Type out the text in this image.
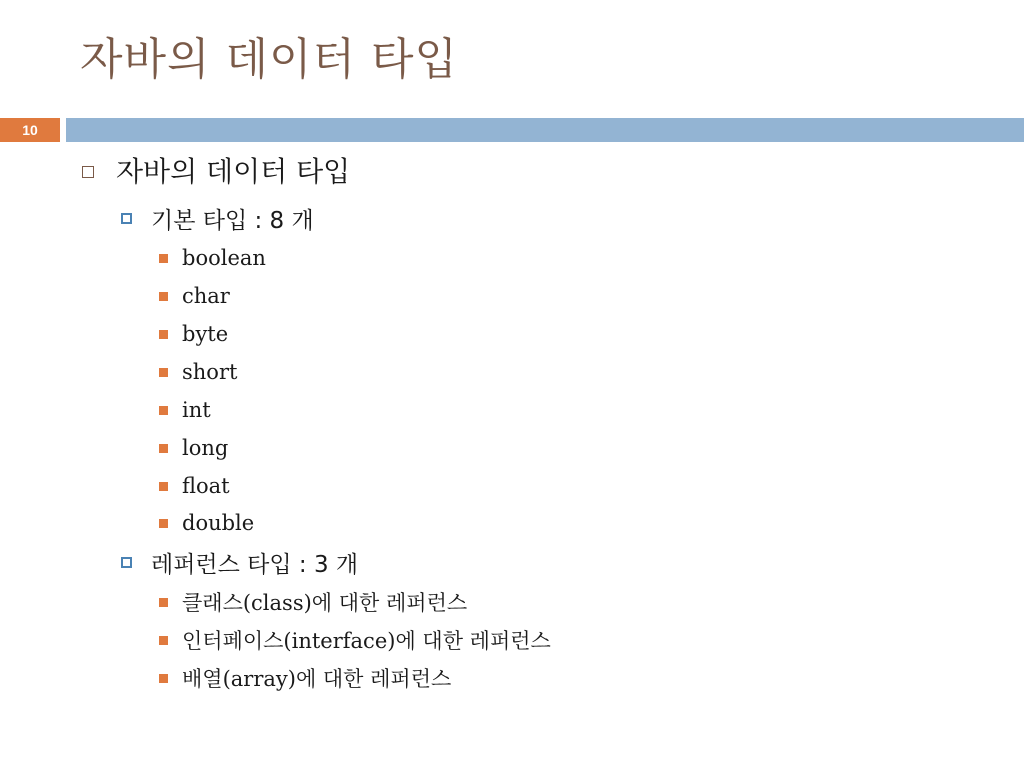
자바의 데이터 타입
10
자바의 데이터 타입
기본 타입 : 8 개
boolean
char
byte
short
int
long
float
double
레퍼런스 타입 : 3 개
클래스(class)에 대한 레퍼런스
인터페이스(interface)에 대한 레퍼런스
배열(array)에 대한 레퍼런스
